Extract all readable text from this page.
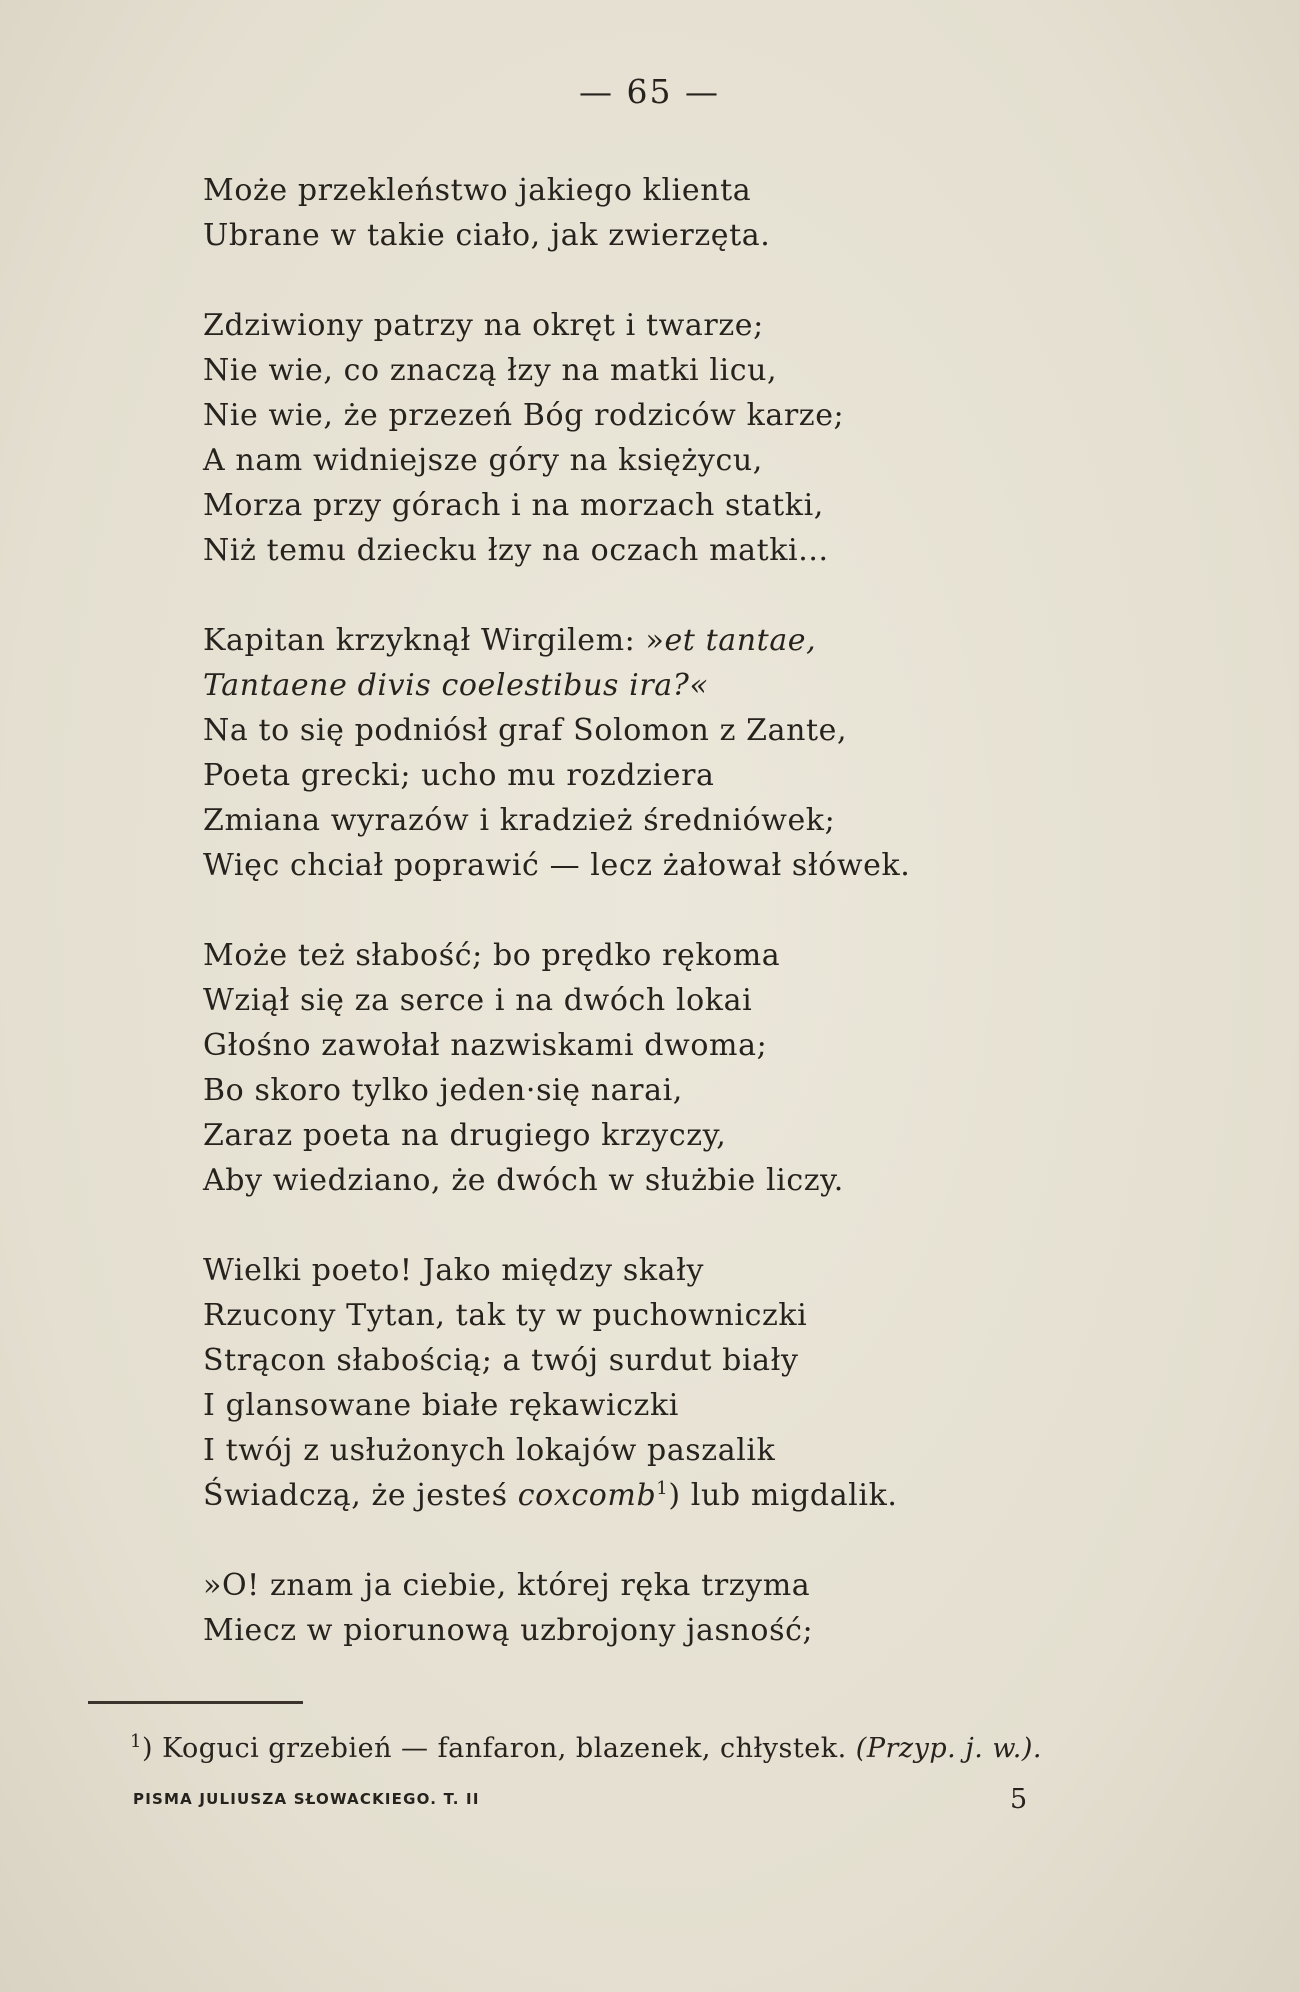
— 65 —
Może przekleństwo jakiego klienta
Ubrane w takie ciało, jak zwierzęta.
Zdziwiony patrzy na okręt i twarze;
Nie wie, co znaczą łzy na matki licu,
Nie wie, że przezeń Bóg rodziców karze;
A nam widniejsze góry na księżycu,
Morza przy górach i na morzach statki,
Niż temu dziecku łzy na oczach matki...
Kapitan krzyknął Wirgilem: »et tantae,
Tantaene divis coelestibus ira?«
Na to się podniósł graf Solomon z Zante,
Poeta grecki; ucho mu rozdziera
Zmiana wyrazów i kradzież średniówek;
Więc chciał poprawić — lecz żałował słówek.
Może też słabość; bo prędko rękoma
Wziął się za serce i na dwóch lokai
Głośno zawołał nazwiskami dwoma;
Bo skoro tylko jeden·się narai,
Zaraz poeta na drugiego krzyczy,
Aby wiedziano, że dwóch w służbie liczy.
Wielki poeto! Jako między skały
Rzucony Tytan, tak ty w puchowniczki
Strącon słabością; a twój surdut biały
I glansowane białe rękawiczki
I twój z usłużonych lokajów paszalik
Świadczą, że jesteś coxcomb$^1$) lub migdalik.
»O! znam ja ciebie, której ręka trzyma
Miecz w piorunową uzbrojony jasność;
$^1$) Koguci grzebień — fanfaron, blazenek, chłystek. (Przyp. j. w.).
PISMA JULIUSZA SŁOWACKIEGO. T. II	5
